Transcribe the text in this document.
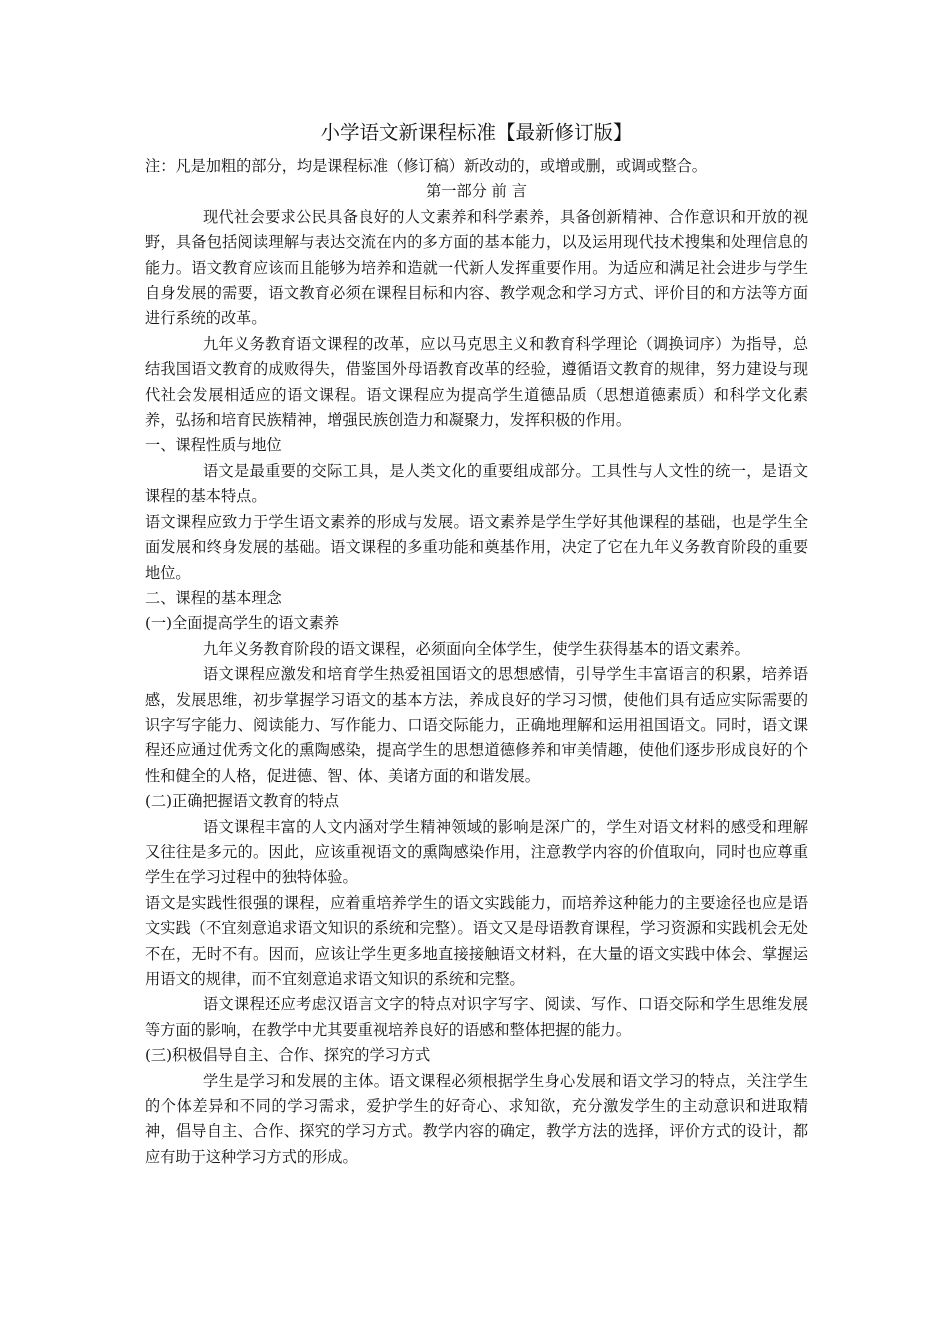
小学语文新课程标准【最新修订版】

注：凡是加粗的部分，均是课程标准（修订稿）新改动的，或增或删，或调或整合。

第一部分 前 言

现代社会要求公民具备良好的人文素养和科学素养，具备创新精神、合作意识和开放的视野，具备包括阅读理解与表达交流在内的多方面的基本能力，以及运用现代技术搜集和处理信息的能力。语文教育应该而且能够为培养和造就一代新人发挥重要作用。为适应和满足社会进步与学生自身发展的需要，语文教育必须在课程目标和内容、教学观念和学习方式、评价目的和方法等方面进行系统的改革。

九年义务教育语文课程的改革，应以马克思主义和教育科学理论（调换词序）为指导，总结我国语文教育的成败得失，借鉴国外母语教育改革的经验，遵循语文教育的规律，努力建设与现代社会发展相适应的语文课程。语文课程应为提高学生道德品质（思想道德素质）和科学文化素养，弘扬和培育民族精神，增强民族创造力和凝聚力，发挥积极的作用。

一、课程性质与地位

语文是最重要的交际工具，是人类文化的重要组成部分。工具性与人文性的统一，是语文课程的基本特点。

语文课程应致力于学生语文素养的形成与发展。语文素养是学生学好其他课程的基础，也是学生全面发展和终身发展的基础。语文课程的多重功能和奠基作用，决定了它在九年义务教育阶段的重要地位。

二、课程的基本理念

(一)全面提高学生的语文素养

九年义务教育阶段的语文课程，必须面向全体学生，使学生获得基本的语文素养。

语文课程应激发和培育学生热爱祖国语文的思想感情，引导学生丰富语言的积累，培养语感，发展思维，初步掌握学习语文的基本方法，养成良好的学习习惯，使他们具有适应实际需要的识字写字能力、阅读能力、写作能力、口语交际能力，正确地理解和运用祖国语文。同时，语文课程还应通过优秀文化的熏陶感染，提高学生的思想道德修养和审美情趣，使他们逐步形成良好的个性和健全的人格，促进德、智、体、美诸方面的和谐发展。

(二)正确把握语文教育的特点

语文课程丰富的人文内涵对学生精神领域的影响是深广的，学生对语文材料的感受和理解又往往是多元的。因此，应该重视语文的熏陶感染作用，注意教学内容的价值取向，同时也应尊重学生在学习过程中的独特体验。

语文是实践性很强的课程，应着重培养学生的语文实践能力，而培养这种能力的主要途径也应是语文实践（不宜刻意追求语文知识的系统和完整）。语文又是母语教育课程，学习资源和实践机会无处不在，无时不有。因而，应该让学生更多地直接接触语文材料，在大量的语文实践中体会、掌握运用语文的规律，而不宜刻意追求语文知识的系统和完整。

语文课程还应考虑汉语言文字的特点对识字写字、阅读、写作、口语交际和学生思维发展等方面的影响，在教学中尤其要重视培养良好的语感和整体把握的能力。

(三)积极倡导自主、合作、探究的学习方式

学生是学习和发展的主体。语文课程必须根据学生身心发展和语文学习的特点，关注学生的个体差异和不同的学习需求，爱护学生的好奇心、求知欲，充分激发学生的主动意识和进取精神，倡导自主、合作、探究的学习方式。教学内容的确定，教学方法的选择，评价方式的设计，都应有助于这种学习方式的形成。
